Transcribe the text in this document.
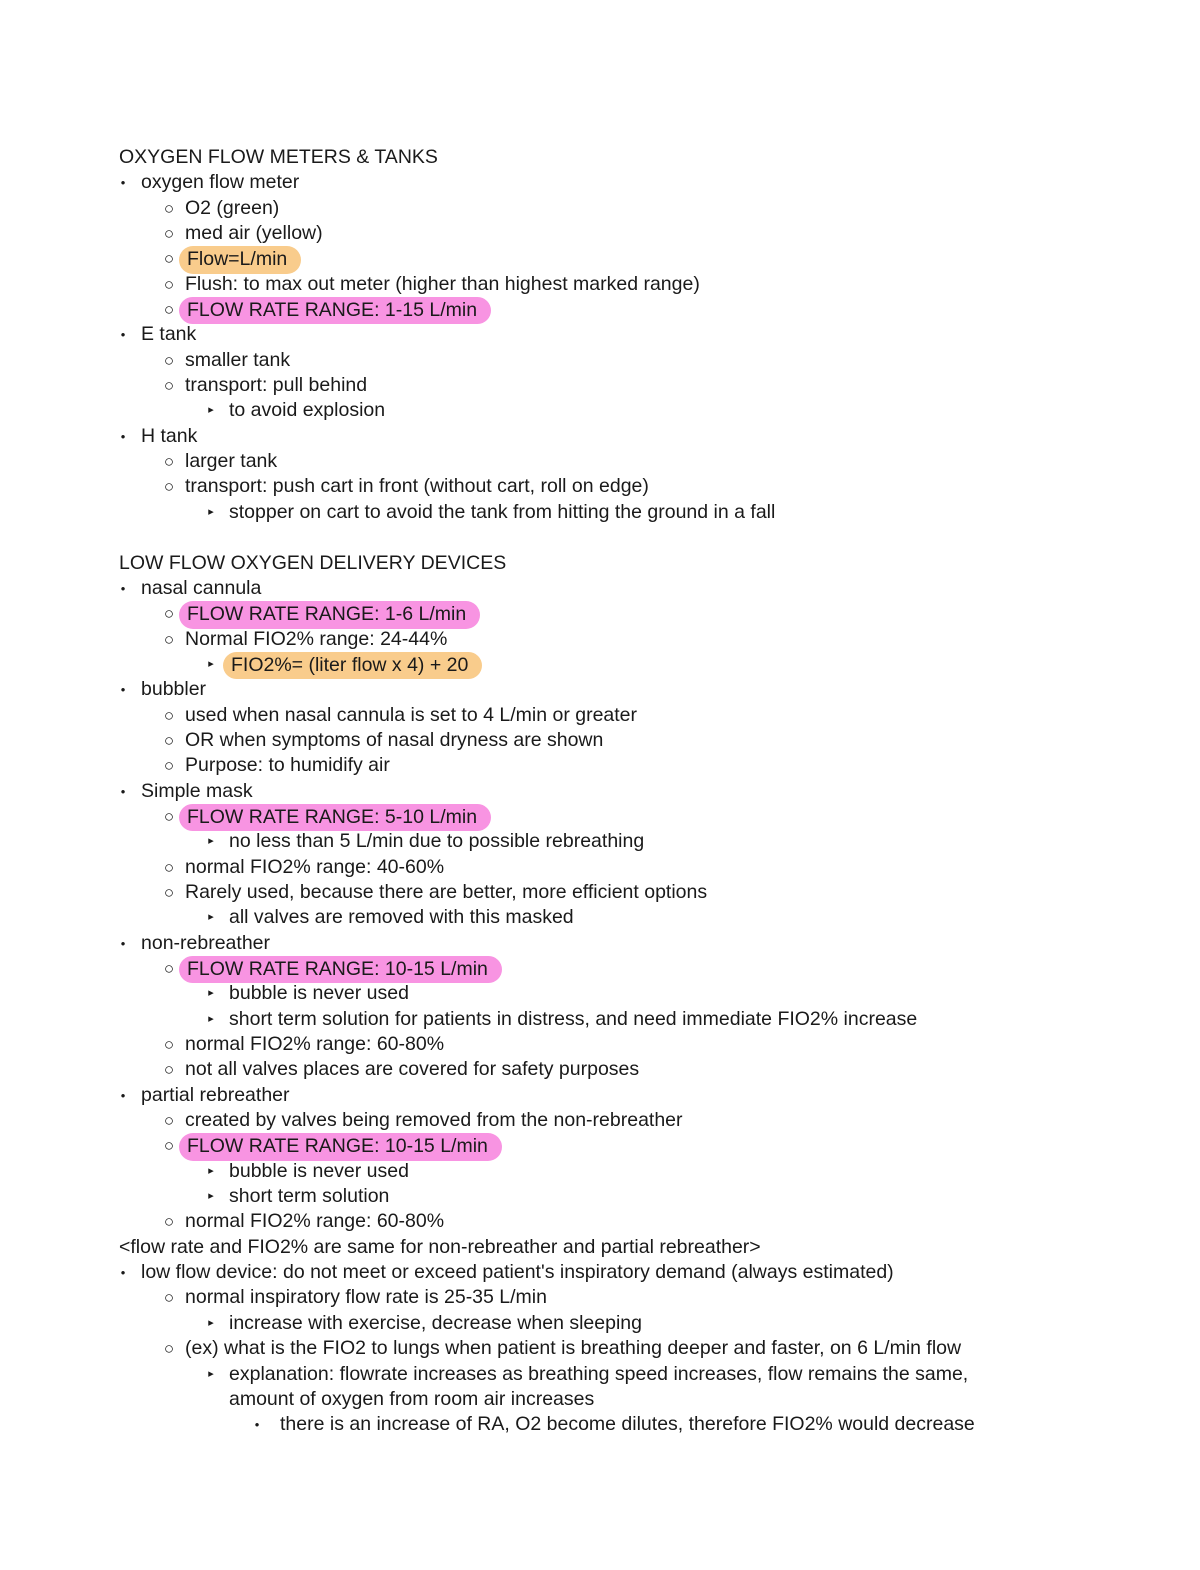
OXYGEN FLOW METERS & TANKS
• oxygen flow meter
○ O2 (green)
○ med air (yellow)
○ Flow=L/min
○ Flush: to max out meter (higher than highest marked range)
○ FLOW RATE RANGE: 1-15 L/min
• E tank
○ smaller tank
○ transport: pull behind
▸ to avoid explosion
• H tank
○ larger tank
○ transport: push cart in front (without cart, roll on edge)
▸ stopper on cart to avoid the tank from hitting the ground in a fall
LOW FLOW OXYGEN DELIVERY DEVICES
• nasal cannula
○ FLOW RATE RANGE: 1-6 L/min
○ Normal FIO2% range: 24-44%
▸ FIO2%= (liter flow x 4) + 20
• bubbler
○ used when nasal cannula is set to 4 L/min or greater
○ OR when symptoms of nasal dryness are shown
○ Purpose: to humidify air
• Simple mask
○ FLOW RATE RANGE: 5-10 L/min
▸ no less than 5 L/min due to possible rebreathing
○ normal FIO2% range: 40-60%
○ Rarely used, because there are better, more efficient options
▸ all valves are removed with this masked
• non-rebreather
○ FLOW RATE RANGE: 10-15 L/min
▸ bubble is never used
▸ short term solution for patients in distress, and need immediate FIO2% increase
○ normal FIO2% range: 60-80%
○ not all valves places are covered for safety purposes
• partial rebreather
○ created by valves being removed from the non-rebreather
○ FLOW RATE RANGE: 10-15 L/min
▸ bubble is never used
▸ short term solution
○ normal FIO2% range: 60-80%
<flow rate and FIO2% are same for non-rebreather and partial rebreather>
• low flow device: do not meet or exceed patient's inspiratory demand (always estimated)
○ normal inspiratory flow rate is 25-35 L/min
▸ increase with exercise, decrease when sleeping
○ (ex) what is the FIO2 to lungs when patient is breathing deeper and faster, on 6 L/min flow
▸ explanation: flowrate increases as breathing speed increases, flow remains the same,
amount of oxygen from room air increases
• there is an increase of RA, O2 become dilutes, therefore FIO2% would decrease
